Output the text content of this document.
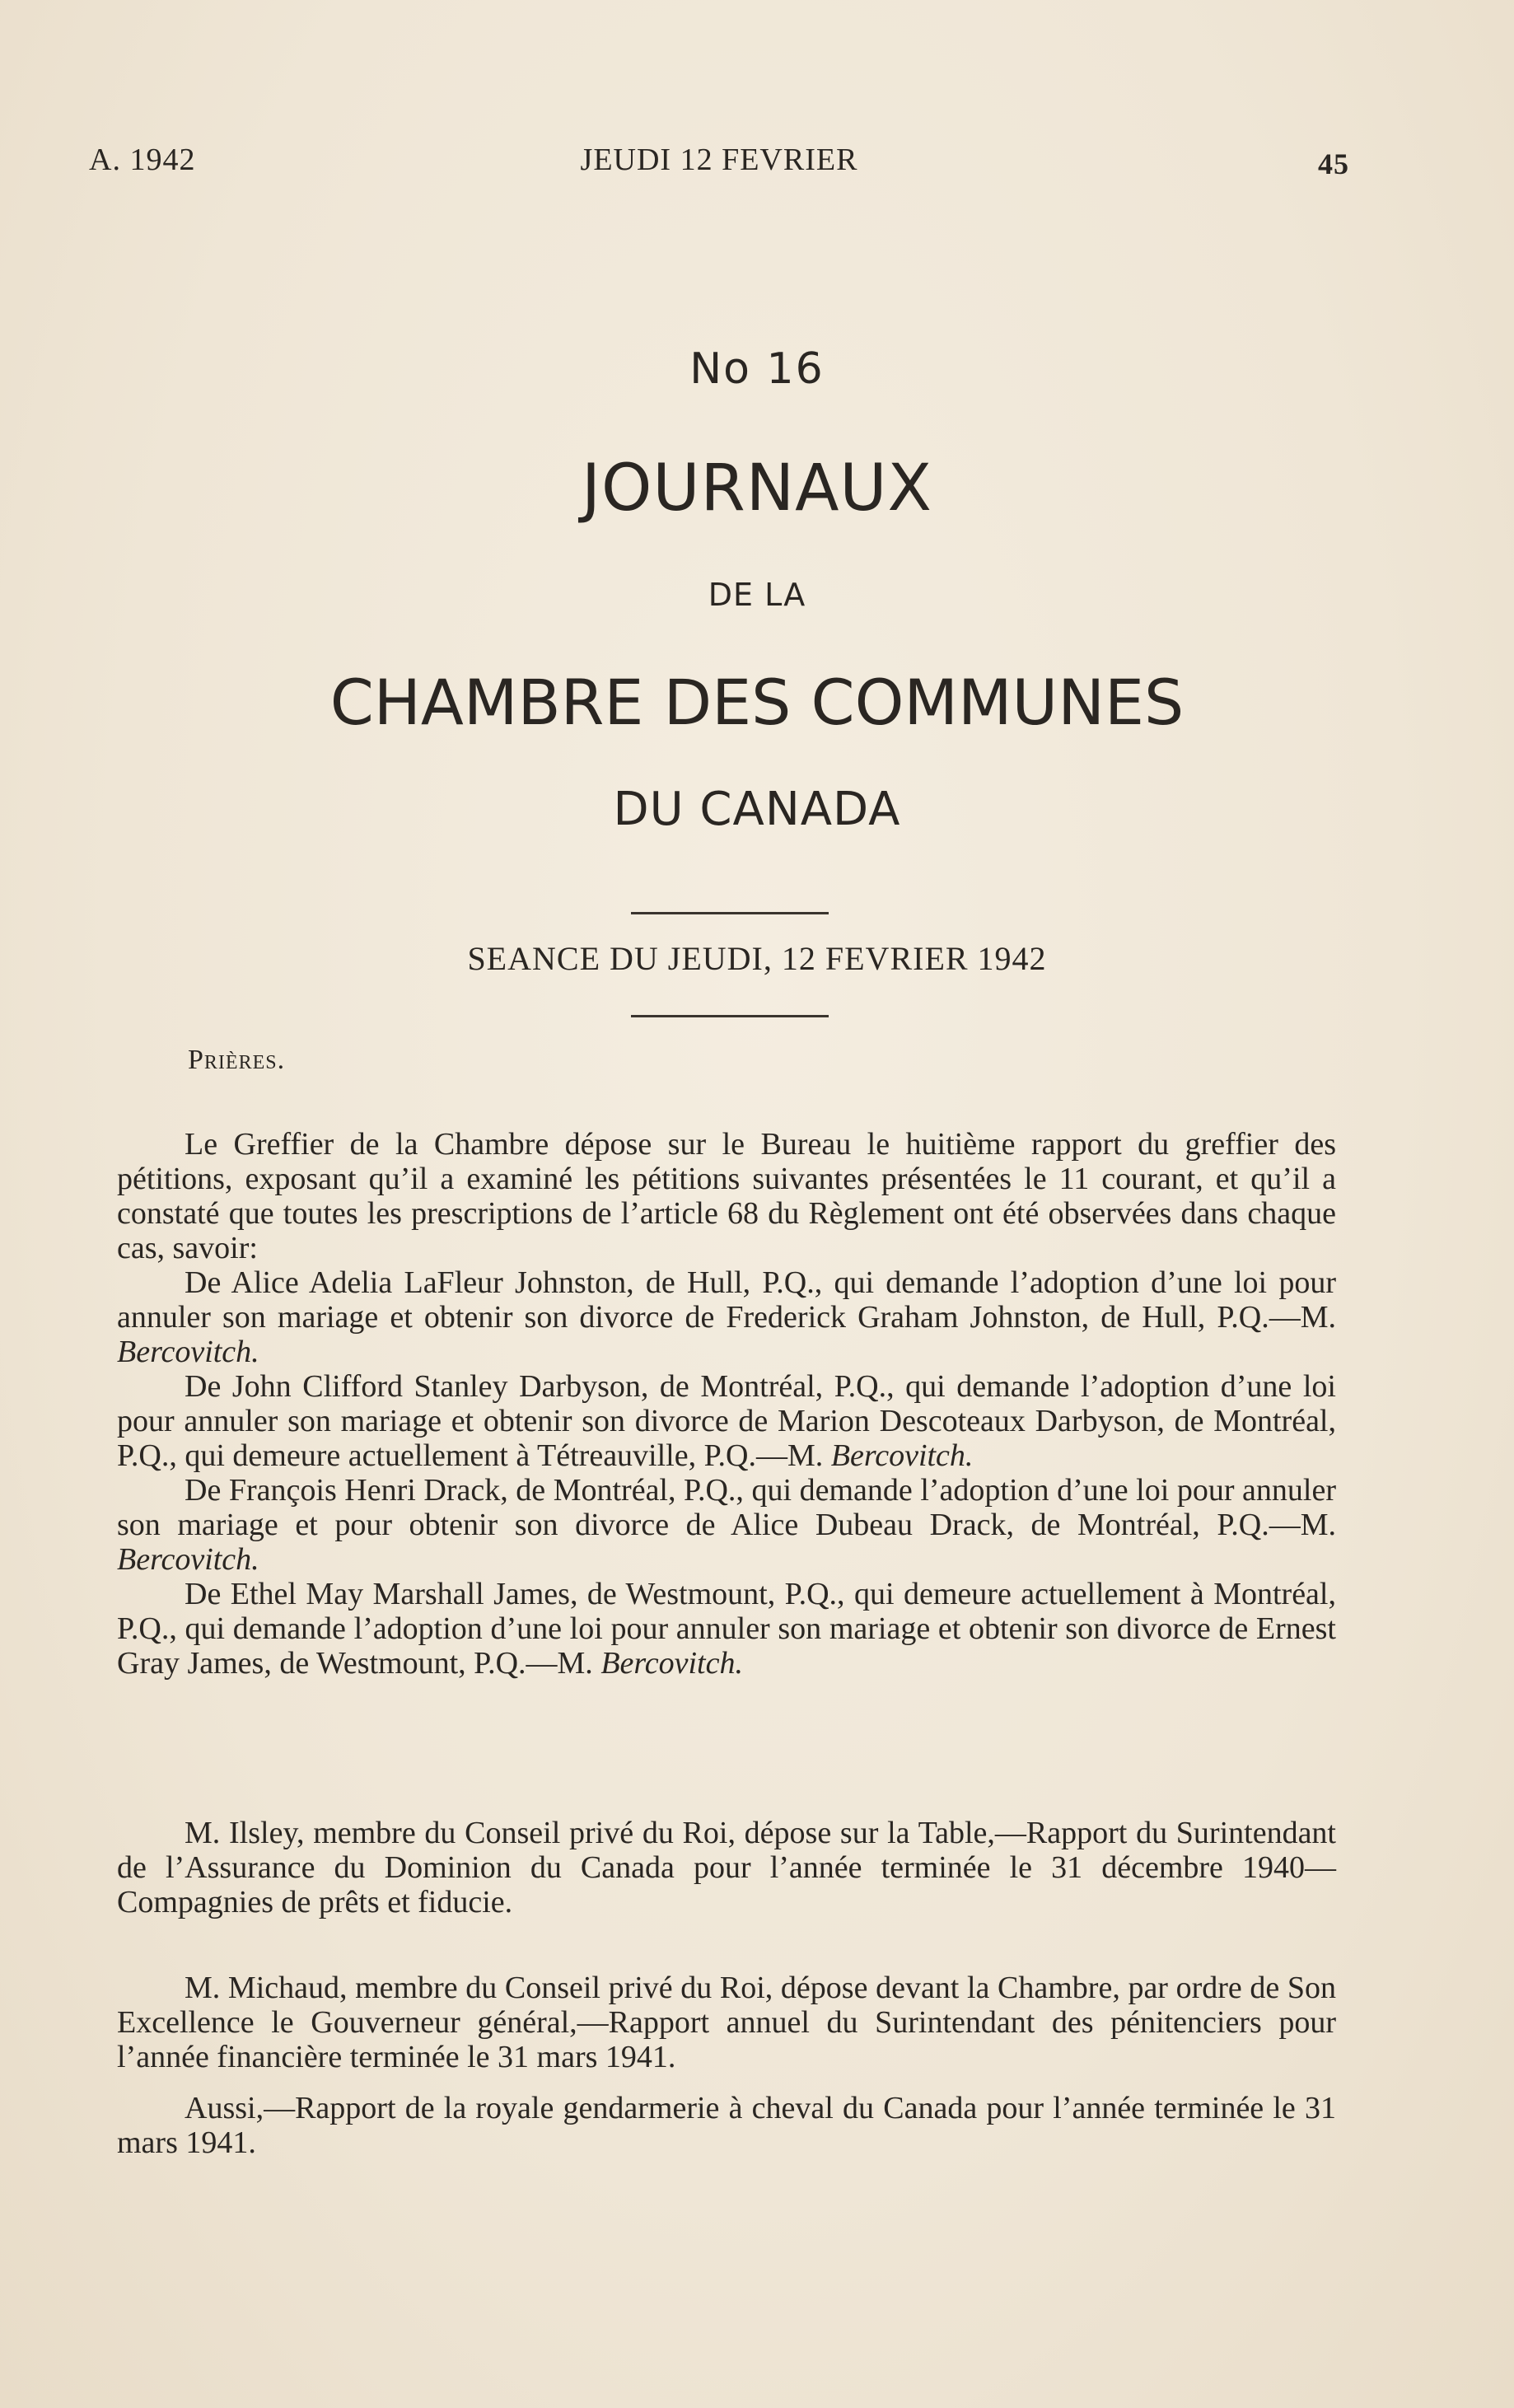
A. 1942	JEUDI 12 FEVRIER	45
No 16
JOURNAUX
DE LA
CHAMBRE DES COMMUNES
DU CANADA
SEANCE DU JEUDI, 12 FEVRIER 1942
Prières.

Le Greffier de la Chambre dépose sur le Bureau le huitième rapport du greffier des pétitions, exposant qu’il a examiné les pétitions suivantes présentées le 11 courant, et qu’il a constaté que toutes les prescriptions de l’article 68 du Règlement ont été observées dans chaque cas, savoir:

De Alice Adelia LaFleur Johnston, de Hull, P.Q., qui demande l’adoption d’une loi pour annuler son mariage et obtenir son divorce de Frederick Graham Johnston, de Hull, P.Q.—M. Bercovitch.

De John Clifford Stanley Darbyson, de Montréal, P.Q., qui demande l’adoption d’une loi pour annuler son mariage et obtenir son divorce de Marion Descoteaux Darbyson, de Montréal, P.Q., qui demeure actuellement à Tétreauville, P.Q.—M. Bercovitch.

De François Henri Drack, de Montréal, P.Q., qui demande l’adoption d’une loi pour annuler son mariage et pour obtenir son divorce de Alice Dubeau Drack, de Montréal, P.Q.—M. Bercovitch.

De Ethel May Marshall James, de Westmount, P.Q., qui demeure actuellement à Montréal, P.Q., qui demande l’adoption d’une loi pour annuler son mariage et obtenir son divorce de Ernest Gray James, de Westmount, P.Q.—M. Bercovitch.

M. Ilsley, membre du Conseil privé du Roi, dépose sur la Table,—Rapport du Surintendant de l’Assurance du Dominion du Canada pour l’année terminée le 31 décembre 1940—Compagnies de prêts et fiducie.

M. Michaud, membre du Conseil privé du Roi, dépose devant la Chambre, par ordre de Son Excellence le Gouverneur général,—Rapport annuel du Surintendant des pénitenciers pour l’année financière terminée le 31 mars 1941.

Aussi,—Rapport de la royale gendarmerie à cheval du Canada pour l’année terminée le 31 mars 1941.
